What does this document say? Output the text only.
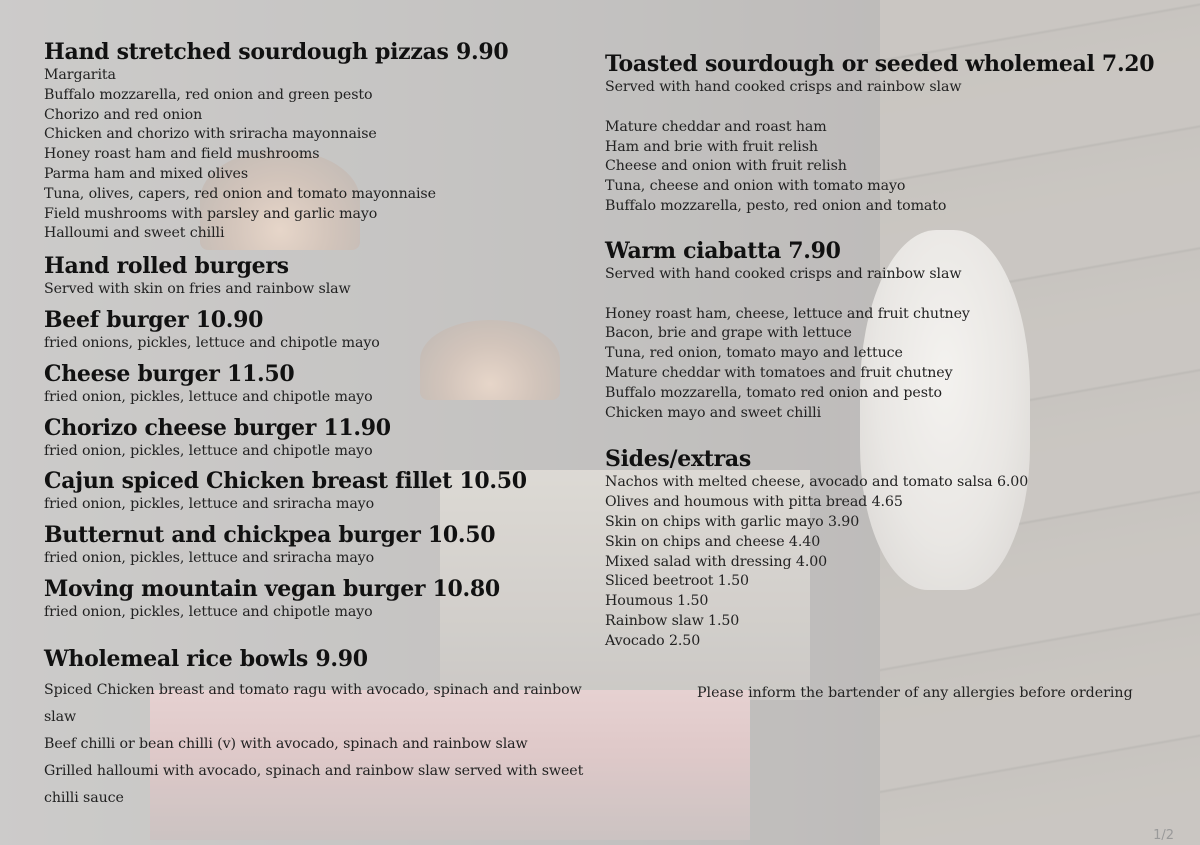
Hand stretched sourdough pizzas 9.90
Margarita
Buffalo mozzarella, red onion and green pesto
Chorizo and red onion
Chicken and chorizo with sriracha mayonnaise
Honey roast ham and field mushrooms
Parma ham and mixed olives
Tuna, olives, capers, red onion and tomato mayonnaise
Field mushrooms with parsley and garlic mayo
Halloumi and sweet chilli
Hand rolled burgers
Served with skin on fries and rainbow slaw
Beef burger 10.90
fried onions, pickles, lettuce and chipotle mayo
Cheese burger 11.50
fried onion, pickles, lettuce and chipotle mayo
Chorizo cheese burger 11.90
fried onion, pickles, lettuce and chipotle mayo
Cajun spiced Chicken breast fillet 10.50
fried onion, pickles, lettuce and sriracha mayo
Butternut and chickpea burger 10.50
fried onion, pickles, lettuce and sriracha mayo
Moving mountain vegan burger 10.80
fried onion, pickles, lettuce and chipotle mayo
Wholemeal rice bowls 9.90
Spiced Chicken breast and tomato ragu with avocado, spinach and rainbow slaw
Beef chilli or bean chilli (v) with avocado, spinach and rainbow slaw
Grilled halloumi with avocado, spinach and rainbow slaw served with sweet chilli sauce
Toasted sourdough or seeded wholemeal 7.20
Served with hand cooked crisps and rainbow slaw
Mature cheddar and roast ham
Ham and brie with fruit relish
Cheese and onion with fruit relish
Tuna, cheese and onion with tomato mayo
Buffalo mozzarella, pesto, red onion and tomato
Warm ciabatta 7.90
Served with hand cooked crisps and rainbow slaw
Honey roast ham, cheese, lettuce and fruit chutney
Bacon, brie and grape with lettuce
Tuna, red onion, tomato mayo and lettuce
Mature cheddar with tomatoes and fruit chutney
Buffalo mozzarella, tomato red onion and pesto
Chicken mayo and sweet chilli
Sides/extras
Nachos with melted cheese, avocado and tomato salsa 6.00
Olives and houmous with pitta bread 4.65
Skin on chips with garlic mayo 3.90
Skin on chips and cheese 4.40
Mixed salad with dressing 4.00
Sliced beetroot 1.50
Houmous 1.50
Rainbow slaw 1.50
Avocado 2.50
Please inform the bartender of any allergies before ordering
1/2
